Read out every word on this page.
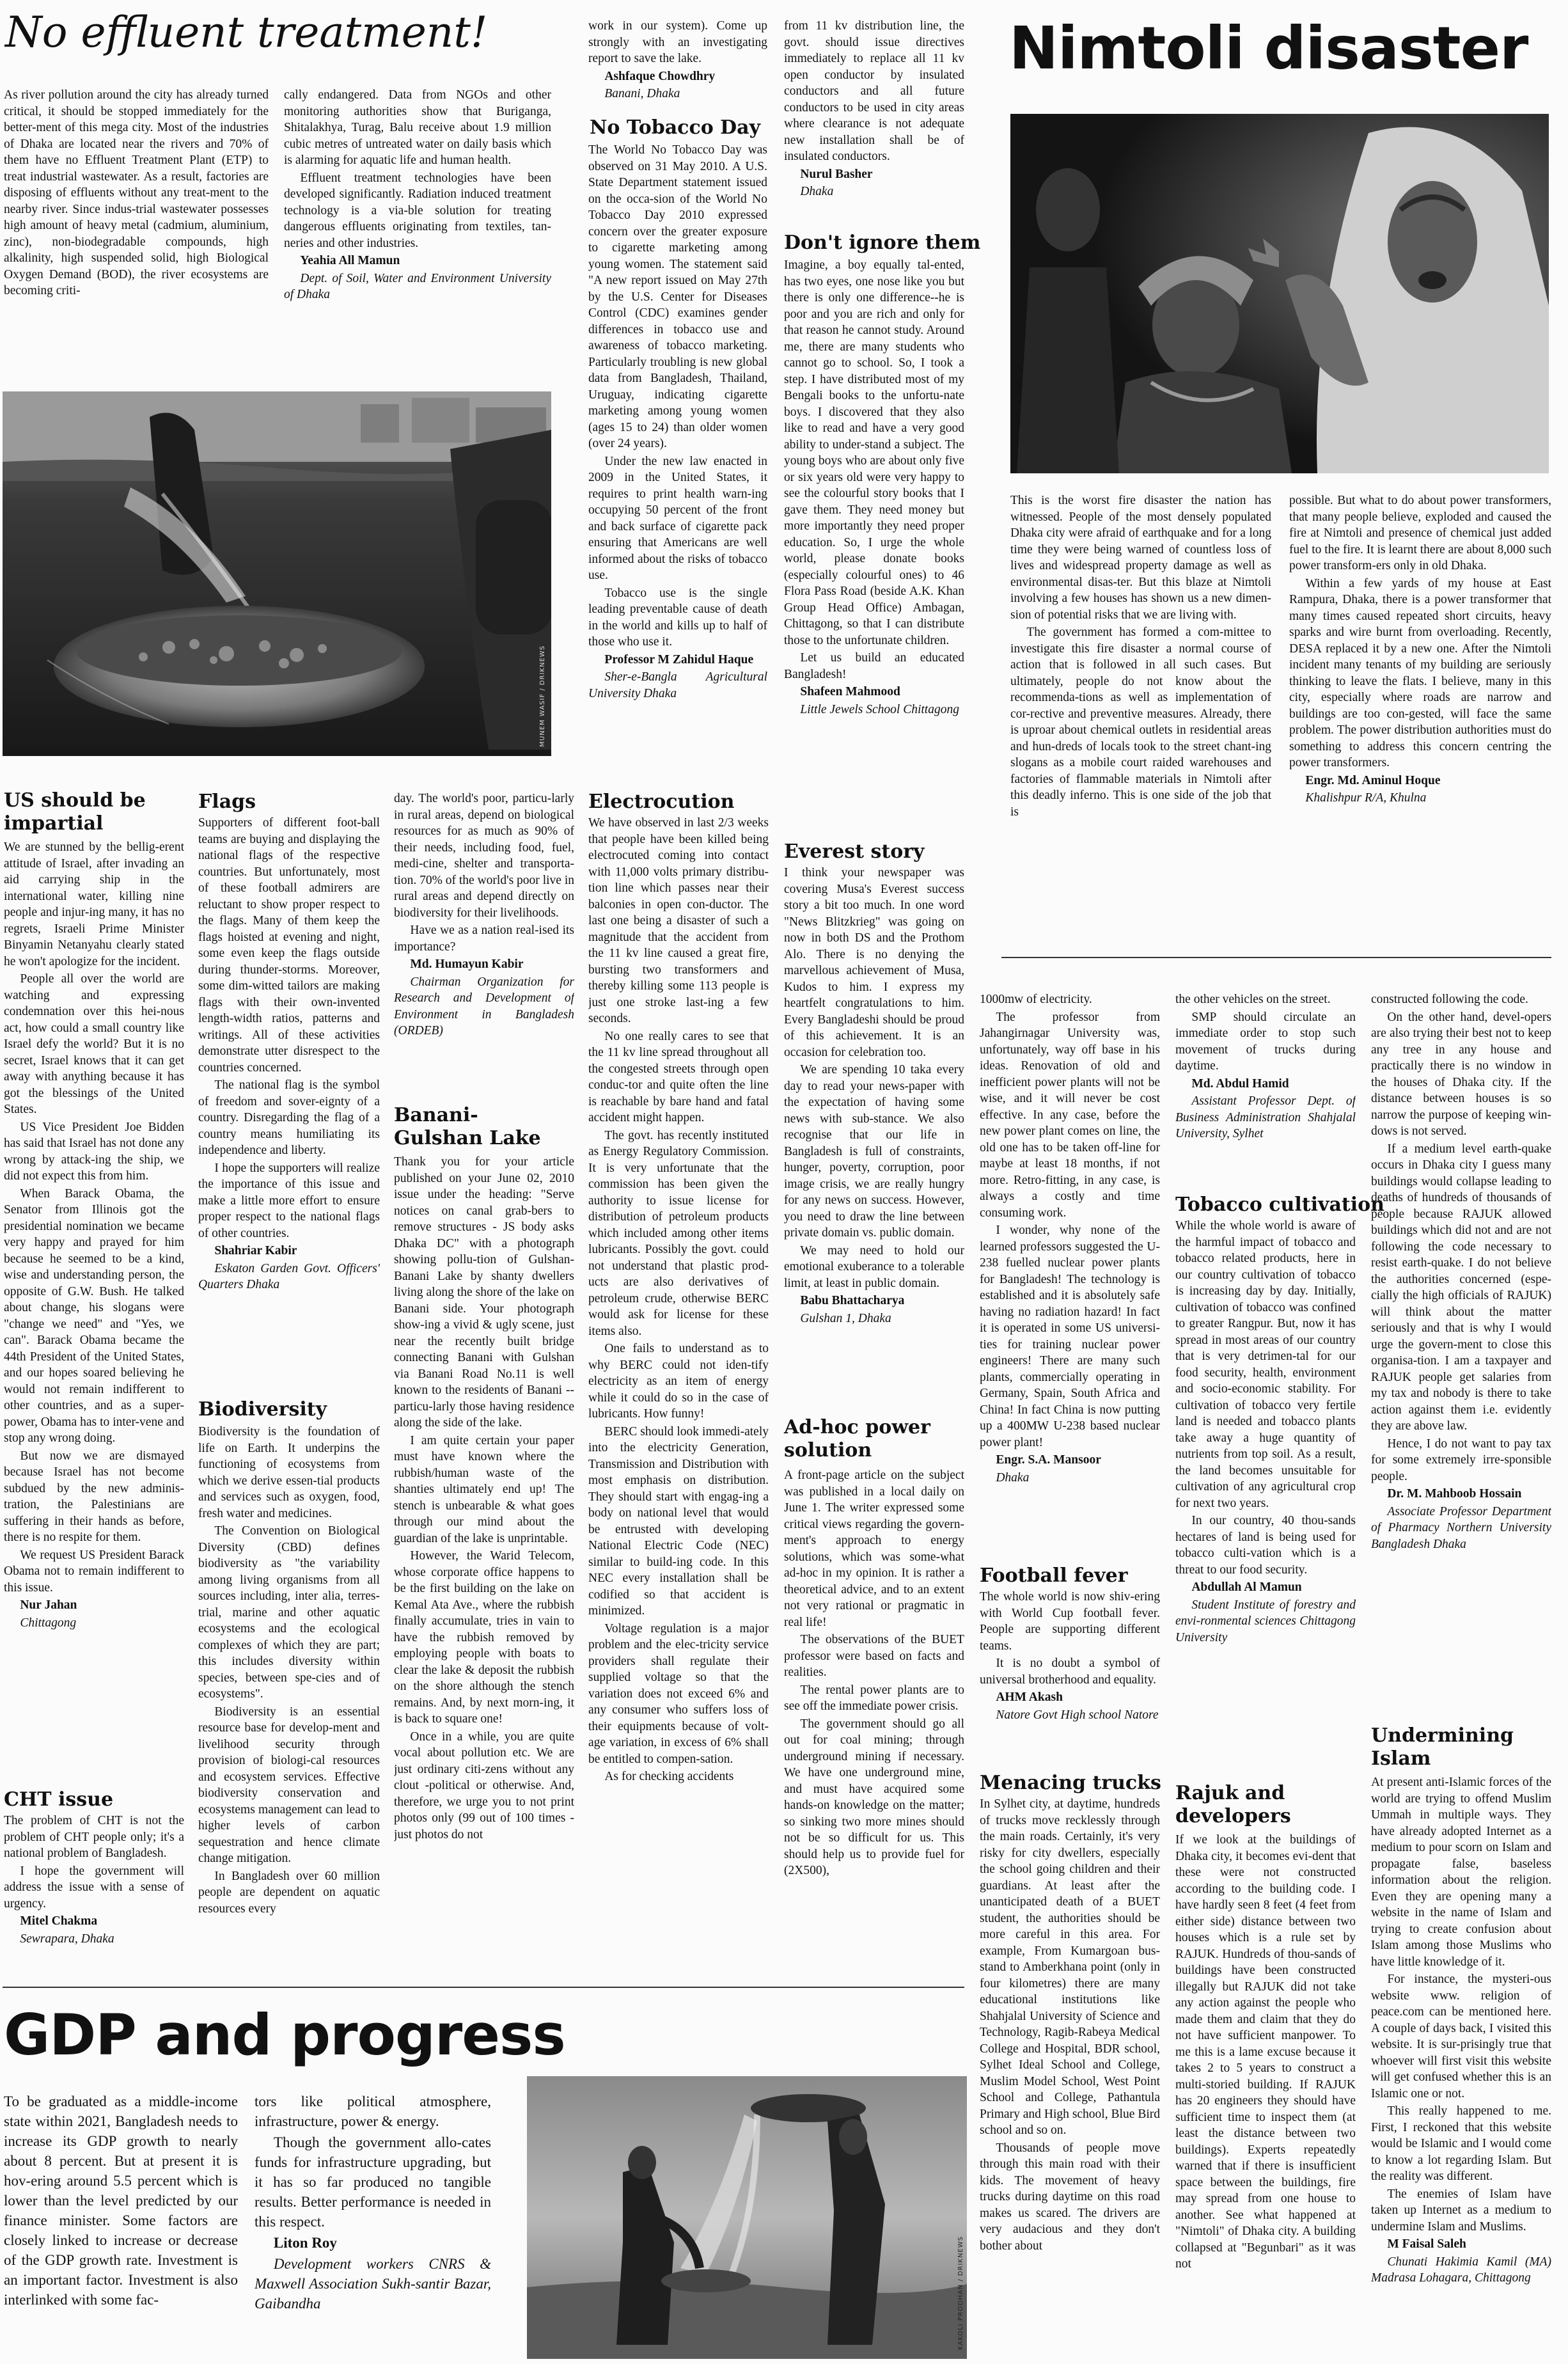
No effluent treatment!

As river pollution around the city has already turned critical, it should be stopped immediately for the better-ment of this mega city. Most of the industries of Dhaka are located near the rivers and 70% of them have no Effluent Treatment Plant (ETP) to treat industrial wastewater. As a result, factories are disposing of effluents without any treat-ment to the nearby river. Since indus-trial wastewater possesses high amount of heavy metal (cadmium, aluminium, zinc), non-biodegradable compounds, high alkalinity, high suspended solid, high Biological Oxygen Demand (BOD), the river ecosystems are becoming criti-

cally endangered. Data from NGOs and other monitoring authorities show that Buriganga, Shitalakhya, Turag, Balu receive about 1.9 million cubic metres of untreated water on daily basis which is alarming for aquatic life and human health.

Effluent treatment technologies have been developed significantly. Radiation induced treatment technology is a via-ble solution for treating dangerous effluents originating from textiles, tan-neries and other industries.

Yeahia All Mamun

Dept. of Soil, Water and Environment University of Dhaka

MUNEM WASIF / DRIKNEWS

work in our system). Come up strongly with an investigating report to save the lake.

Ashfaque Chowdhry

Banani, Dhaka

No Tobacco Day

The World No Tobacco Day was observed on 31 May 2010. A U.S. State Department statement issued on the occa-sion of the World No Tobacco Day 2010 expressed concern over the greater exposure to cigarette marketing among young women. The statement said "A new report issued on May 27th by the U.S. Center for Diseases Control (CDC) examines gender differences in tobacco use and awareness of tobacco marketing. Particularly troubling is new global data from Bangladesh, Thailand, Uruguay, indicating cigarette marketing among young women (ages 15 to 24) than older women (over 24 years).

Under the new law enacted in 2009 in the United States, it requires to print health warn-ing occupying 50 percent of the front and back surface of cigarette pack ensuring that Americans are well informed about the risks of tobacco use.

Tobacco use is the single leading preventable cause of death in the world and kills up to half of those who use it.

Professor M Zahidul Haque

Sher-e-Bangla Agricultural University Dhaka

from 11 kv distribution line, the govt. should issue directives immediately to replace all 11 kv open conductor by insulated conductors and all future conductors to be used in city areas where clearance is not adequate new installation shall be of insulated conductors.

Nurul Basher

Dhaka

Don't ignore them

Imagine, a boy equally tal-ented, has two eyes, one nose like you but there is only one difference--he is poor and you are rich and only for that reason he cannot study. Around me, there are many students who cannot go to school. So, I took a step. I have distributed most of my Bengali books to the unfortu-nate boys. I discovered that they also like to read and have a very good ability to under-stand a subject. The young boys who are about only five or six years old were very happy to see the colourful story books that I gave them. They need money but more importantly they need proper education. So, I urge the whole world, please donate books (especially colourful ones) to 46 Flora Pass Road (beside A.K. Khan Group Head Office) Ambagan, Chittagong, so that I can distribute those to the unfortunate children.

Let us build an educated Bangladesh!

Shafeen Mahmood

Little Jewels School Chittagong

Nimtoli disaster

This is the worst fire disaster the nation has witnessed. People of the most densely populated Dhaka city were afraid of earthquake and for a long time they were being warned of countless loss of lives and widespread property damage as well as environmental disas-ter. But this blaze at Nimtoli involving a few houses has shown us a new dimen-sion of potential risks that we are living with.

The government has formed a com-mittee to investigate this fire disaster a normal course of action that is followed in all such cases. But ultimately, people do not know about the recommenda-tions as well as implementation of cor-rective and preventive measures. Already, there is uproar about chemical outlets in residential areas and hun-dreds of locals took to the street chant-ing slogans as a mobile court raided warehouses and factories of flammable materials in Nimtoli after this deadly inferno. This is one side of the job that is

possible. But what to do about power transformers, that many people believe, exploded and caused the fire at Nimtoli and presence of chemical just added fuel to the fire. It is learnt there are about 8,000 such power transform-ers only in old Dhaka.

Within a few yards of my house at East Rampura, Dhaka, there is a power transformer that many times caused repeated short circuits, heavy sparks and wire burnt from overloading. Recently, DESA replaced it by a new one. After the Nimtoli incident many tenants of my building are seriously thinking to leave the flats. I believe, many in this city, especially where roads are narrow and buildings are too con-gested, will face the same problem. The power distribution authorities must do something to address this concern centring the power transformers.

Engr. Md. Aminul Hoque

Khalishpur R/A, Khulna

US should be impartial

We are stunned by the bellig-erent attitude of Israel, after invading an aid carrying ship in the international water, killing nine people and injur-ing many, it has no regrets, Israeli Prime Minister Binyamin Netanyahu clearly stated he won't apologize for the incident.

People all over the world are watching and expressing condemnation over this hei-nous act, how could a small country like Israel defy the world? But it is no secret, Israel knows that it can get away with anything because it has got the blessings of the United States.

US Vice President Joe Bidden has said that Israel has not done any wrong by attack-ing the ship, we did not expect this from him.

When Barack Obama, the Senator from Illinois got the presidential nomination we became very happy and prayed for him because he seemed to be a kind, wise and understanding person, the opposite of G.W. Bush. He talked about change, his slogans were "change we need" and "Yes, we can". Barack Obama became the 44th President of the United States, and our hopes soared believing he would not remain indifferent to other countries, and as a super-power, Obama has to inter-vene and stop any wrong doing.

But now we are dismayed because Israel has not become subdued by the new adminis-tration, the Palestinians are suffering in their hands as before, there is no respite for them.

We request US President Barack Obama not to remain indifferent to this issue.

Nur Jahan

Chittagong

CHT issue

The problem of CHT is not the problem of CHT people only; it's a national problem of Bangladesh.

I hope the government will address the issue with a sense of urgency.

Mitel Chakma

Sewrapara, Dhaka

Flags

Supporters of different foot-ball teams are buying and displaying the national flags of the respective countries. But unfortunately, most of these football admirers are reluctant to show proper respect to the flags. Many of them keep the flags hoisted at evening and night, some even keep the flags outside during thunder-storms. Moreover, some dim-witted tailors are making flags with their own-invented length-width ratios, patterns and writings. All of these activities demonstrate utter disrespect to the countries concerned.

The national flag is the symbol of freedom and sover-eignty of a country. Disregarding the flag of a country means humiliating its independence and liberty.

I hope the supporters will realize the importance of this issue and make a little more effort to ensure proper respect to the national flags of other countries.

Shahriar Kabir

Eskaton Garden Govt. Officers' Quarters Dhaka

Biodiversity

Biodiversity is the foundation of life on Earth. It underpins the functioning of ecosystems from which we derive essen-tial products and services such as oxygen, food, fresh water and medicines.

The Convention on Biological Diversity (CBD) defines biodiversity as "the variability among living organisms from all sources including, inter alia, terres-trial, marine and other aquatic ecosystems and the ecological complexes of which they are part; this includes diversity within species, between spe-cies and of ecosystems".

Biodiversity is an essential resource base for develop-ment and livelihood security through provision of biologi-cal resources and ecosystem services. Effective biodiversity conservation and ecosystems management can lead to higher levels of carbon sequestration and hence climate change mitigation.

In Bangladesh over 60 million people are dependent on aquatic resources every

day. The world's poor, particu-larly in rural areas, depend on biological resources for as much as 90% of their needs, including food, fuel, medi-cine, shelter and transporta-tion. 70% of the world's poor live in rural areas and depend directly on biodiversity for their livelihoods.

Have we as a nation real-ised its importance?

Md. Humayun Kabir

Chairman Organization for Research and Development of Environment in Bangladesh (ORDEB)

Banani-Gulshan Lake

Thank you for your article published on your June 02, 2010 issue under the heading: "Serve notices on canal grab-bers to remove structures - JS body asks Dhaka DC" with a photograph showing pollu-tion of Gulshan-Banani Lake by shanty dwellers living along the shore of the lake on Banani side. Your photograph show-ing a vivid & ugly scene, just near the recently built bridge connecting Banani with Gulshan via Banani Road No.11 is well known to the residents of Banani -- particu-larly those having residence along the side of the lake.

I am quite certain your paper must have known where the rubbish/human waste of the shanties ultimately end up! The stench is unbearable & what goes through our mind about the guardian of the lake is unprintable.

However, the Warid Telecom, whose corporate office happens to be the first building on the lake on Kemal Ata Ave., where the rubbish finally accumulate, tries in vain to have the rubbish removed by employing people with boats to clear the lake & deposit the rubbish on the shore although the stench remains. And, by next morn-ing, it is back to square one!

Once in a while, you are quite vocal about pollution etc. We are just ordinary citi-zens without any clout -political or otherwise. And, therefore, we urge you to not print photos only (99 out of 100 times - just photos do not

Electrocution

We have observed in last 2/3 weeks that people have been killed being electrocuted coming into contact with 11,000 volts primary distribu-tion line which passes near their balconies in open con-ductor. The last one being a disaster of such a magnitude that the accident from the 11 kv line caused a great fire, bursting two transformers and thereby killing some 113 people is just one stroke last-ing a few seconds.

No one really cares to see that the 11 kv line spread throughout all the congested streets through open conduc-tor and quite often the line is reachable by bare hand and fatal accident might happen.

The govt. has recently instituted as Energy Regulatory Commission. It is very unfortunate that the commission has been given the authority to issue license for distribution of petroleum products which included among other items lubricants. Possibly the govt. could not understand that plastic prod-ucts are also derivatives of petroleum crude, otherwise BERC would ask for license for these items also.

One fails to understand as to why BERC could not iden-tify electricity as an item of energy while it could do so in the case of lubricants. How funny!

BERC should look immedi-ately into the electricity Generation, Transmission and Distribution with most emphasis on distribution. They should start with engag-ing a body on national level that would be entrusted with developing National Electric Code (NEC) similar to build-ing code. In this NEC every installation shall be codified so that accident is minimized.

Voltage regulation is a major problem and the elec-tricity service providers shall regulate their supplied voltage so that the variation does not exceed 6% and any consumer who suffers loss of their equipments because of volt-age variation, in excess of 6% shall be entitled to compen-sation.

As for checking accidents

Everest story

I think your newspaper was covering Musa's Everest success story a bit too much. In one word "News Blitzkrieg" was going on now in both DS and the Prothom Alo. There is no denying the marvellous achievement of Musa, Kudos to him. I express my heartfelt congratulations to him. Every Bangladeshi should be proud of this achievement. It is an occasion for celebration too.

We are spending 10 taka every day to read your news-paper with the expectation of having some news with sub-stance. We also recognise that our life in Bangladesh is full of constraints, hunger, poverty, corruption, poor image crisis, we are really hungry for any news on success. However, you need to draw the line between private domain vs. public domain.

We may need to hold our emotional exuberance to a tolerable limit, at least in public domain.

Babu Bhattacharya

Gulshan 1, Dhaka

Ad-hoc power solution

A front-page article on the subject was published in a local daily on June 1. The writer expressed some critical views regarding the govern-ment's approach to energy solutions, which was some-what ad-hoc in my opinion. It is rather a theoretical advice, and to an extent not very rational or pragmatic in real life!

The observations of the BUET professor were based on facts and realities.

The rental power plants are to see off the immediate power crisis.

The government should go all out for coal mining; through underground mining if necessary. We have one underground mine, and must have acquired some hands-on knowledge on the matter; so sinking two more mines should not be so difficult for us. This should help us to provide fuel for (2X500),

1000mw of electricity.

The professor from Jahangirnagar University was, unfortunately, way off base in his ideas. Renovation of old and inefficient power plants will not be wise, and it will never be cost effective. In any case, before the new power plant comes on line, the old one has to be taken off-line for maybe at least 18 months, if not more. Retro-fitting, in any case, is always a costly and time consuming work.

I wonder, why none of the learned professors suggested the U-238 fuelled nuclear power plants for Bangladesh! The technology is established and it is absolutely safe having no radiation hazard! In fact it is operated in some US universi-ties for training nuclear power engineers! There are many such plants, commercially operating in Germany, Spain, South Africa and China! In fact China is now putting up a 400MW U-238 based nuclear power plant!

Engr. S.A. Mansoor

Dhaka

Football fever

The whole world is now shiv-ering with World Cup football fever. People are supporting different teams.

It is no doubt a symbol of universal brotherhood and equality.

AHM Akash

Natore Govt High school Natore

Menacing trucks

In Sylhet city, at daytime, hundreds of trucks move recklessly through the main roads. Certainly, it's very risky for city dwellers, especially the school going children and their guardians. At least after the unanticipated death of a BUET student, the authorities should be more careful in this area. For example, From Kumargoan bus-stand to Amberkhana point (only in four kilometres) there are many educational institutions like Shahjalal University of Science and Technology, Ragib-Rabeya Medical College and Hospital, BDR school, Sylhet Ideal School and College, Muslim Model School, West Point School and College, Pathantula Primary and High school, Blue Bird school and so on.

Thousands of people move through this main road with their kids. The movement of heavy trucks during daytime on this road makes us scared. The drivers are very audacious and they don't bother about

the other vehicles on the street.

SMP should circulate an immediate order to stop such movement of trucks during daytime.

Md. Abdul Hamid

Assistant Professor Dept. of Business Administration Shahjalal University, Sylhet

Tobacco cultivation

While the whole world is aware of the harmful impact of tobacco and tobacco related products, here in our country cultivation of tobacco is increasing day by day. Initially, cultivation of tobacco was confined to greater Rangpur. But, now it has spread in most areas of our country that is very detrimen-tal for our food security, health, environment and socio-economic stability. For cultivation of tobacco very fertile land is needed and tobacco plants take away a huge quantity of nutrients from top soil. As a result, the land becomes unsuitable for cultivation of any agricultural crop for next two years.

In our country, 40 thou-sands hectares of land is being used for tobacco culti-vation which is a threat to our food security.

Abdullah Al Mamun

Student Institute of forestry and envi-ronmental sciences Chittagong University

Rajuk and developers

If we look at the buildings of Dhaka city, it becomes evi-dent that these were not constructed according to the building code. I have hardly seen 8 feet (4 feet from either side) distance between two houses which is a rule set by RAJUK. Hundreds of thou-sands of buildings have been constructed illegally but RAJUK did not take any action against the people who made them and claim that they do not have sufficient manpower. To me this is a lame excuse because it takes 2 to 5 years to construct a multi-storied building. If RAJUK has 20 engineers they should have sufficient time to inspect them (at least the distance between two buildings). Experts repeatedly warned that if there is insufficient space between the buildings, fire may spread from one house to another. See what happened at "Nimtoli" of Dhaka city. A building collapsed at "Begunbari" as it was not

constructed following the code.

On the other hand, devel-opers are also trying their best not to keep any tree in any house and practically there is no window in the houses of Dhaka city. If the distance between houses is so narrow the purpose of keeping win-dows is not served.

If a medium level earth-quake occurs in Dhaka city I guess many buildings would collapse leading to deaths of hundreds of thousands of people because RAJUK allowed buildings which did not and are not following the code necessary to resist earth-quake. I do not believe the authorities concerned (espe-cially the high officials of RAJUK) will think about the matter seriously and that is why I would urge the govern-ment to close this organisa-tion. I am a taxpayer and RAJUK people get salaries from my tax and nobody is there to take action against them i.e. evidently they are above law.

Hence, I do not want to pay tax for some extremely irre-sponsible people.

Dr. M. Mahboob Hossain

Associate Professor Department of Pharmacy Northern University Bangladesh Dhaka

Undermining Islam

At present anti-Islamic forces of the world are trying to offend Muslim Ummah in multiple ways. They have already adopted Internet as a medium to pour scorn on Islam and propagate false, baseless information about the religion. Even they are opening many a website in the name of Islam and trying to create confusion about Islam among those Muslims who have little knowledge of it.

For instance, the mysteri-ous website www. religion of peace.com can be mentioned here. A couple of days back, I visited this website. It is sur-prisingly true that whoever will first visit this website will get confused whether this is an Islamic one or not.

This really happened to me. First, I reckoned that this website would be Islamic and I would come to know a lot regarding Islam. But the reality was different.

The enemies of Islam have taken up Internet as a medium to undermine Islam and Muslims.

M Faisal Saleh

Chunati Hakimia Kamil (MA) Madrasa Lohagara, Chittagong

GDP and progress

To be graduated as a middle-income state within 2021, Bangladesh needs to increase its GDP growth to nearly about 8 percent. But at present it is hov-ering around 5.5 percent which is lower than the level predicted by our finance minister. Some factors are closely linked to increase or decrease of the GDP growth rate. Investment is an important factor. Investment is also interlinked with some fac-

tors like political atmosphere, infrastructure, power & energy.

Though the government allo-cates funds for infrastructure upgrading, but it has so far produced no tangible results. Better performance is needed in this respect.

Liton Roy

Development workers CNRS & Maxwell Association Sukh-santir Bazar, Gaibandha	KAKOLI PRODHAN / DRIKNEWS
